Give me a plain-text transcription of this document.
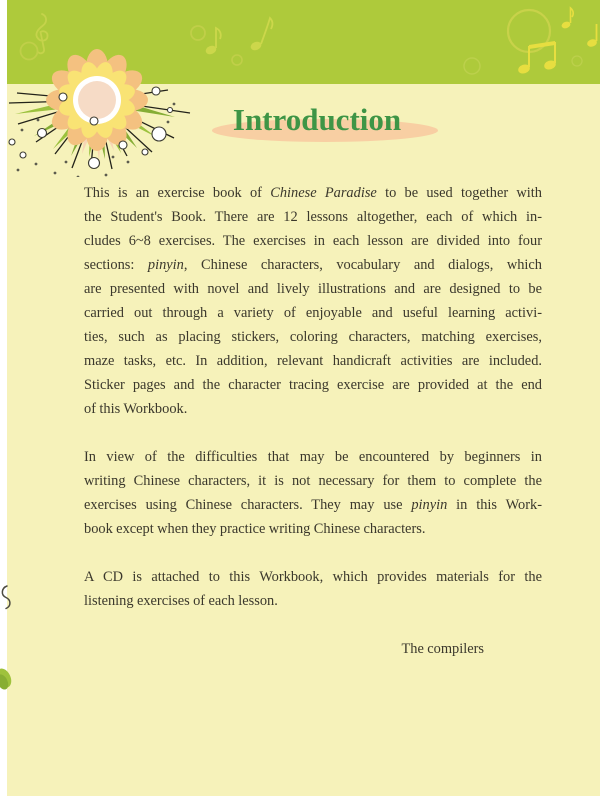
Introduction
This is an exercise book of Chinese Paradise to be used together with
the Student's Book. There are 12 lessons altogether, each of which in-
cludes 6~8 exercises. The exercises in each lesson are divided into four
sections: pinyin, Chinese characters, vocabulary and dialogs, which
are presented with novel and lively illustrations and are designed to be
carried out through a variety of enjoyable and useful learning activi-
ties, such as placing stickers, coloring characters, matching exercises,
maze tasks, etc. In addition, relevant handicraft activities are included.
Sticker pages and the character tracing exercise are provided at the end
of this Workbook.
In view of the difficulties that may be encountered by beginners in
writing Chinese characters, it is not necessary for them to complete the
exercises using Chinese characters. They may use pinyin in this Work-
book except when they practice writing Chinese characters.
A CD is attached to this Workbook, which provides materials for the
listening exercises of each lesson.
The compilers
